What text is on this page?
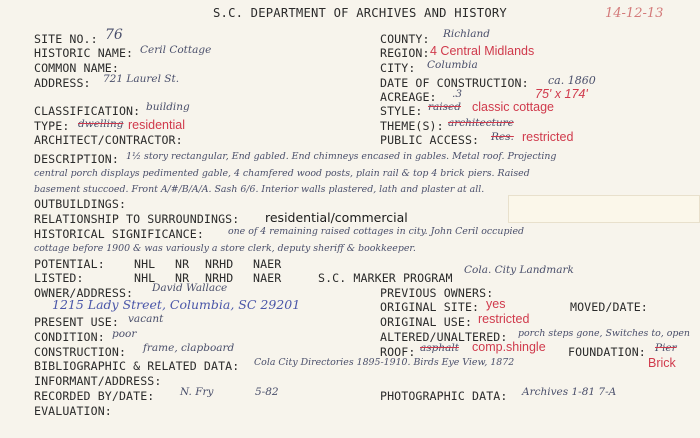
S.C. DEPARTMENT OF ARCHIVES AND HISTORY	14-12-13
SITE NO.: 76
HISTORIC NAME: Ceril Cottage
COMMON NAME:
ADDRESS: 721 Laurel St.
CLASSIFICATION: building
TYPE: dwelling residential
ARCHITECT/CONTRACTOR:
DESCRIPTION: 1½ story rectangular, End gabled. End chimneys encased in gables. Metal roof. Projecting
central porch displays pedimented gable, 4 chamfered wood posts, plain rail & top 4 brick piers. Raised
basement stuccoed. Front A/#/B/A/A. Sash 6/6. Interior walls plastered, lath and plaster at all.
OUTBUILDINGS:
RELATIONSHIP TO SURROUNDINGS: residential/commercial
HISTORICAL SIGNIFICANCE:	one of 4 remaining raised cottages in city. John Ceril occupied
cottage before 1900 & was variously a store clerk, deputy sheriff & bookkeeper.
POTENTIAL:	NHL NR NRHD NAER
LISTED:	NHL NR NRHD NAER	S.C. MARKER PROGRAM
Cola. City Landmark
OWNER/ADDRESS: David Wallace
1215 Lady Street, Columbia, SC 29201
PRESENT USE: vacant
CONDITION: poor
CONSTRUCTION: frame, clapboard
BIBLIOGRAPHIC & RELATED DATA: Cola City Directories 1895-1910. Birds Eye View, 1872
INFORMANT/ADDRESS:
RECORDED BY/DATE: N. Fry	5-82
EVALUATION:
COUNTY: Richland
REGION: 4 Central Midlands
CITY: Columbia
DATE OF CONSTRUCTION: ca. 1860
ACREAGE: .3	75' x 174'
STYLE: raised classic cottage
THEME(S): architecture
PUBLIC ACCESS: Res. restricted
PREVIOUS OWNERS:
ORIGINAL SITE: yes	MOVED/DATE:
ORIGINAL USE: restricted
ALTERED/UNALTERED: porch steps gone, Switches to, open
ROOF: asphalt comp.shingle FOUNDATION: Pier
Brick
PHOTOGRAPHIC DATA: Archives 1-81 7-A
